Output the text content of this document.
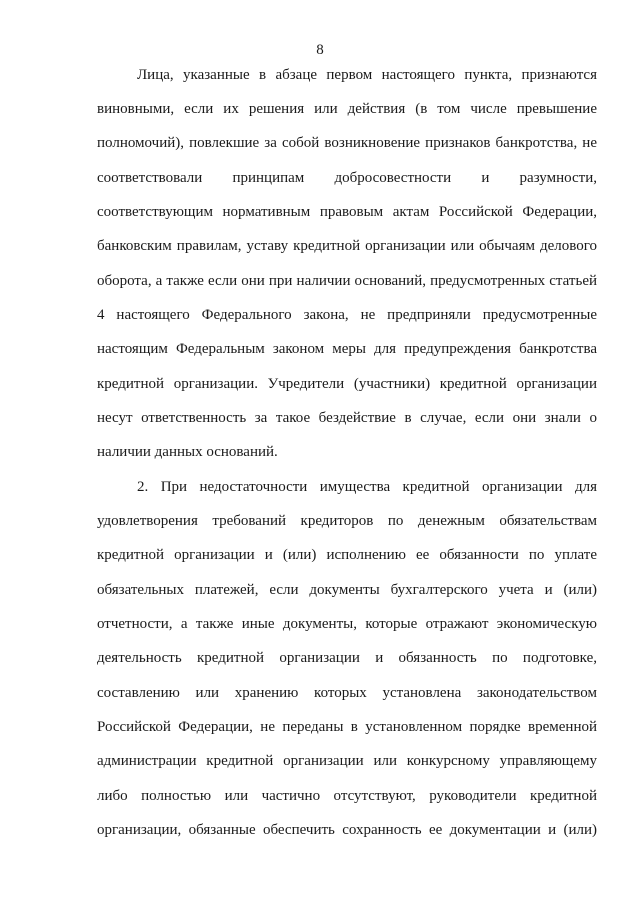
8
Лица, указанные в абзаце первом настоящего пункта, признаются
виновными, если их решения или действия (в том числе превышение
полномочий), повлекшие за собой возникновение признаков банкротства, не
соответствовали принципам добросовестности и разумности,
соответствующим нормативным правовым актам Российской Федерации,
банковским правилам, уставу кредитной организации или обычаям делового
оборота, а также если они при наличии оснований, предусмотренных статьей
4 настоящего Федерального закона, не предприняли предусмотренные
настоящим Федеральным законом меры для предупреждения банкротства
кредитной организации. Учредители (участники) кредитной организации
несут ответственность за такое бездействие в случае, если они знали о
наличии данных оснований.
2. При недостаточности имущества кредитной организации для
удовлетворения требований кредиторов по денежным обязательствам
кредитной организации и (или) исполнению ее обязанности по уплате
обязательных платежей, если документы бухгалтерского учета и (или)
отчетности, а также иные документы, которые отражают экономическую
деятельность кредитной организации и обязанность по подготовке,
составлению или хранению которых установлена законодательством
Российской Федерации, не переданы в установленном порядке временной
администрации кредитной организации или конкурсному управляющему
либо полностью или частично отсутствуют, руководители кредитной
организации, обязанные обеспечить сохранность ее документации и (или)
